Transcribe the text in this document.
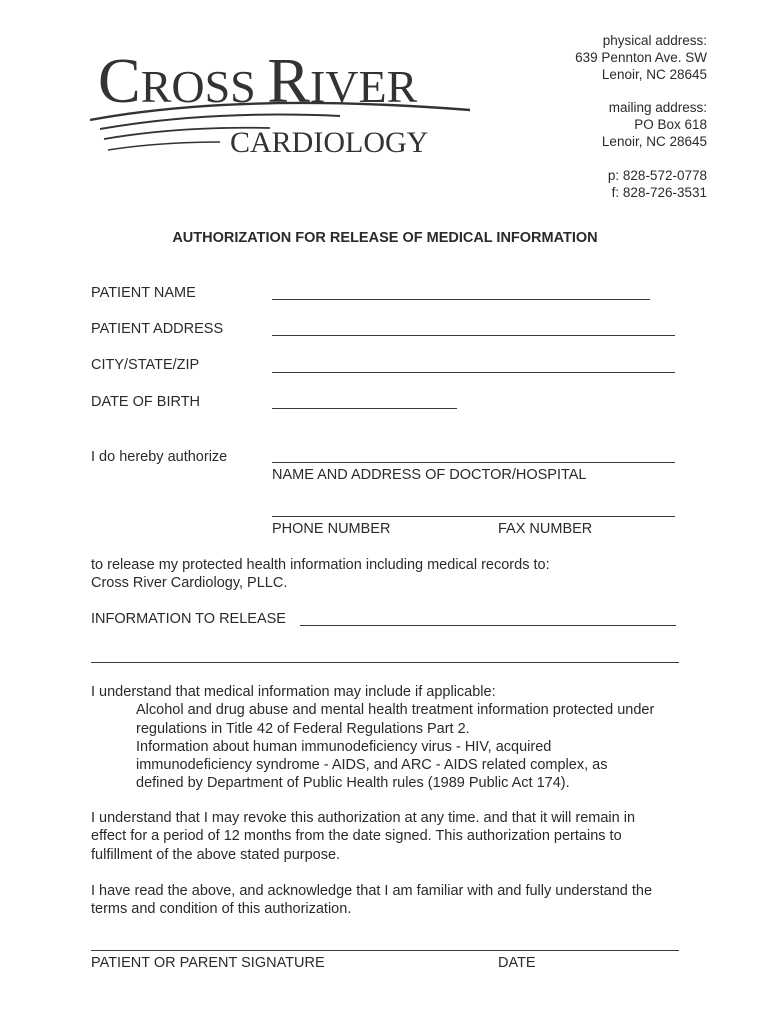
CROSS RIVER
CARDIOLOGY
physical address:
639 Pennton Ave. SW
Lenoir, NC 28645
mailing address:
PO Box 618
Lenoir, NC 28645
p: 828-572-0778
f: 828-726-3531
AUTHORIZATION FOR RELEASE OF MEDICAL INFORMATION
PATIENT NAME
PATIENT ADDRESS
CITY/STATE/ZIP
DATE OF BIRTH
I do hereby authorize
NAME AND ADDRESS OF DOCTOR/HOSPITAL
PHONE NUMBER	FAX NUMBER

to release my protected health information including medical records to:

Cross River Cardiology, PLLC.

INFORMATION TO RELEASE

I understand that medical information may include if applicable:

Alcohol and drug abuse and mental health treatment information protected under
regulations in Title 42 of Federal Regulations Part 2.
Information about human immunodeficiency virus - HIV, acquired
immunodeficiency syndrome - AIDS, and ARC - AIDS related complex, as
defined by Department of Public Health rules (1989 Public Act 174).

I understand that I may revoke this authorization at any time. and that it will remain in

effect for a period of 12 months from the date signed. This authorization pertains to

fulfillment of the above stated purpose.

I have read the above, and acknowledge that I am familiar with and fully understand the

terms and condition of this authorization.

PATIENT OR PARENT SIGNATURE	DATE
